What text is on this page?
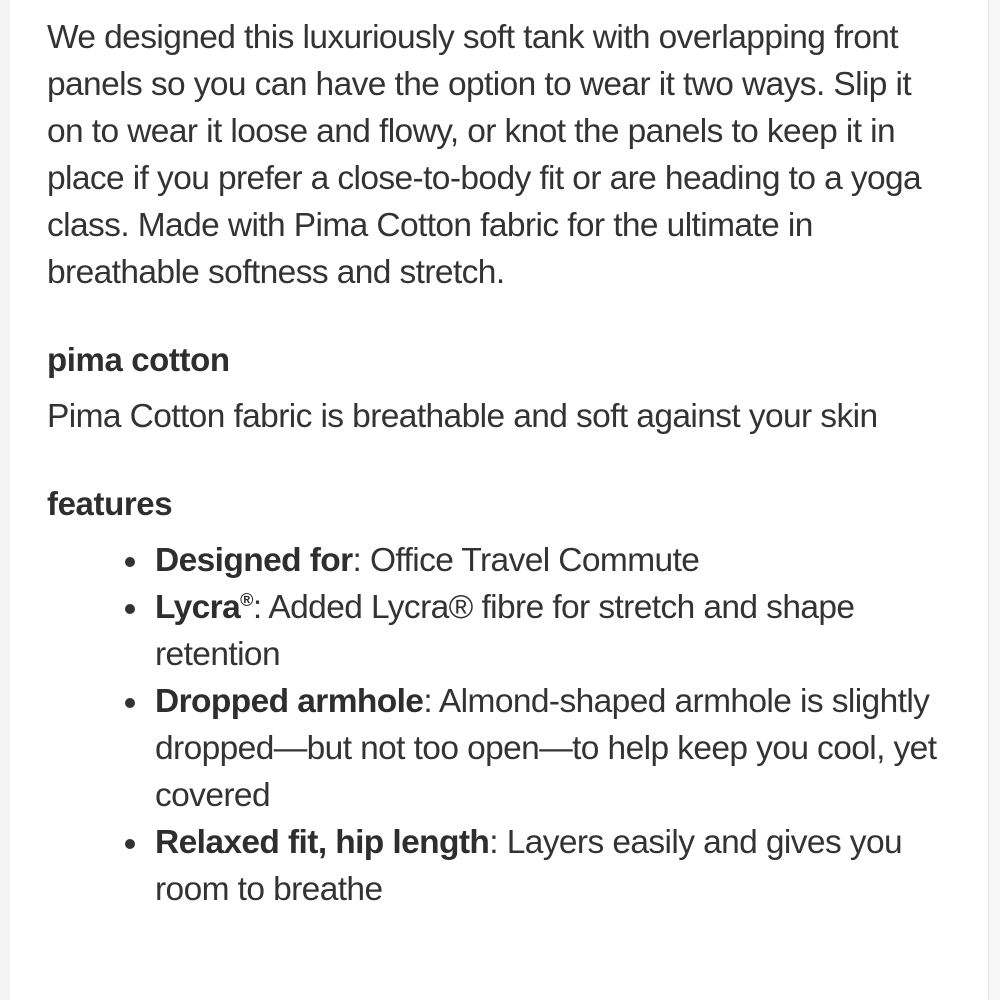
We designed this luxuriously soft tank with overlapping front panels so you can have the option to wear it two ways. Slip it on to wear it loose and flowy, or knot the panels to keep it in place if you prefer a close-to-body fit or are heading to a yoga class. Made with Pima Cotton fabric for the ultimate in breathable softness and stretch.

pima cotton

Pima Cotton fabric is breathable and soft against your skin

features
Designed for: Office Travel Commute
Lycra®: Added Lycra® fibre for stretch and shape retention
Dropped armhole: Almond-shaped armhole is slightly dropped—but not too open—to help keep you cool, yet covered
Relaxed fit, hip length: Layers easily and gives you room to breathe
